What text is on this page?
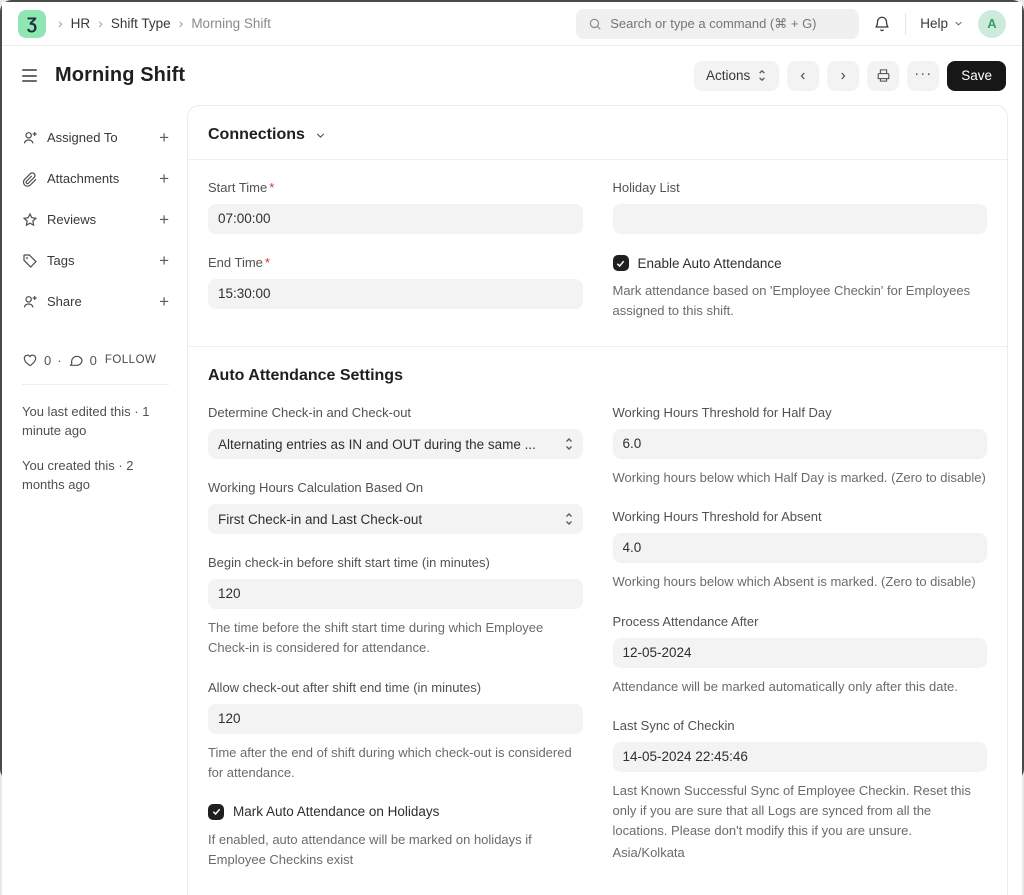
Ʒ	› HR › Shift Type › Morning Shift
Search or type a command (⌘ + G)	Help	A
Morning Shift	Actions	···	Save
Assigned To +
Attachments +
Reviews	+
Tags	+
Share	+
0 · 0 FOLLOW
You last edited this · 1 minute ago
You created this · 2 months ago
Connections
Start Time *
07:00:00
End Time *
15:30:00
Holiday List
Enable Auto Attendance
Mark attendance based on 'Employee Checkin' for Employees assigned to this shift.
Auto Attendance Settings
Determine Check-in and Check-out
Alternating entries as IN and OUT during the same ...
Working Hours Calculation Based On
First Check-in and Last Check-out
Begin check-in before shift start time (in minutes)
120
The time before the shift start time during which Employee Check-in is considered for attendance.
Allow check-out after shift end time (in minutes)
120
Time after the end of shift during which check-out is considered for attendance.
Mark Auto Attendance on Holidays
If enabled, auto attendance will be marked on holidays if Employee Checkins exist
Working Hours Threshold for Half Day
6.0
Working hours below which Half Day is marked. (Zero to disable)
Working Hours Threshold for Absent
4.0
Working hours below which Absent is marked. (Zero to disable)
Process Attendance After
12-05-2024
Attendance will be marked automatically only after this date.
Last Sync of Checkin
14-05-2024 22:45:46
Last Known Successful Sync of Employee Checkin. Reset this only if you are sure that all Logs are synced from all the locations. Please don't modify this if you are unsure.
Asia/Kolkata
